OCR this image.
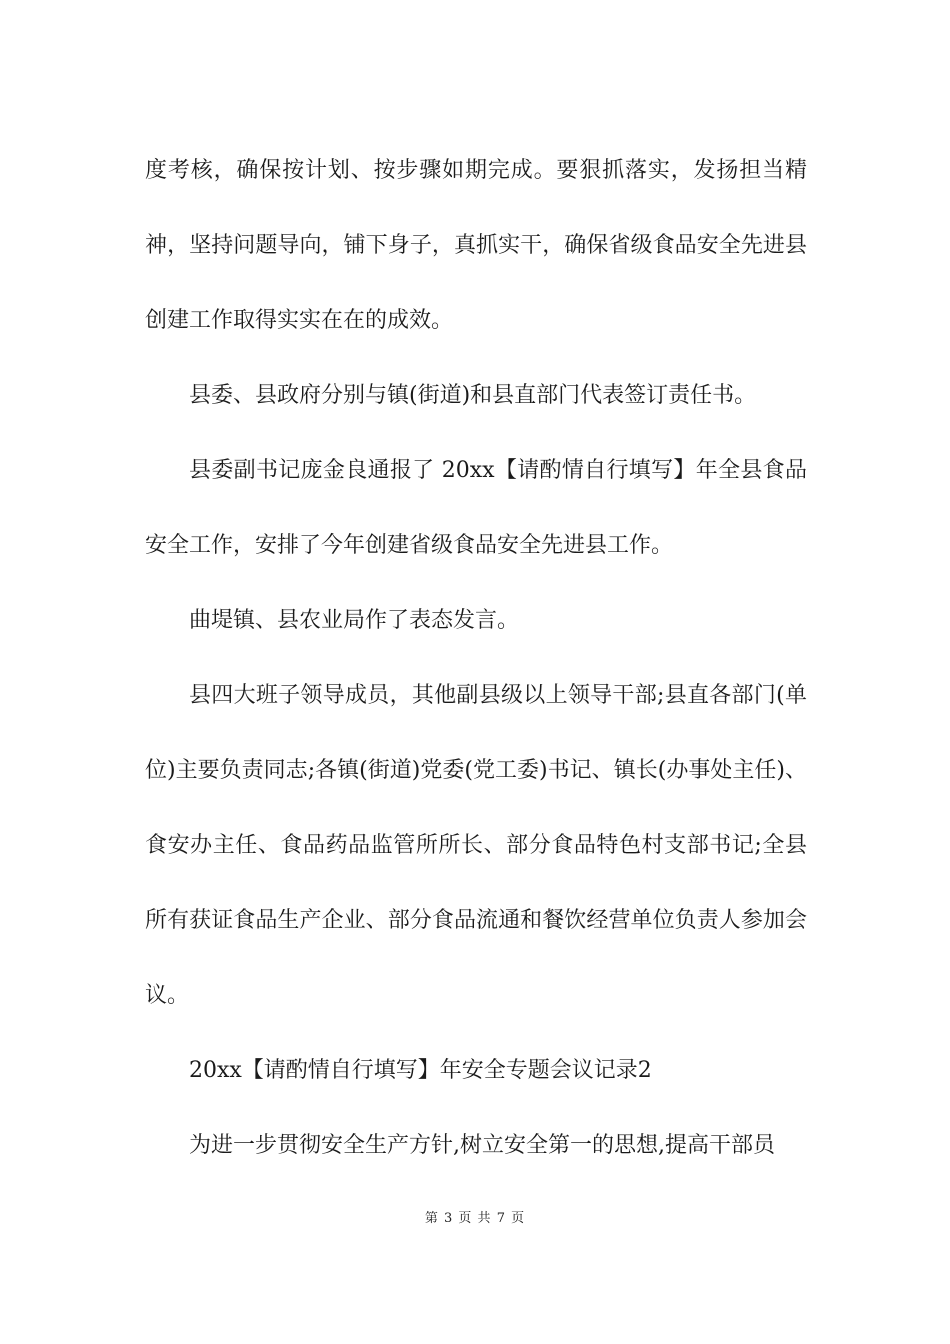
度考核，确保按计划、按步骤如期完成。要狠抓落实，发扬担当精神，坚持问题导向，铺下身子，真抓实干，确保省级食品安全先进县创建工作取得实实在在的成效。

县委、县政府分别与镇(街道)和县直部门代表签订责任书。

县委副书记庞金良通报了 20xx【请酌情自行填写】年全县食品安全工作，安排了今年创建省级食品安全先进县工作。

曲堤镇、县农业局作了表态发言。

县四大班子领导成员，其他副县级以上领导干部;县直各部门(单位)主要负责同志;各镇(街道)党委(党工委)书记、镇长(办事处主任)、食安办主任、食品药品监管所所长、部分食品特色村支部书记;全县所有获证食品生产企业、部分食品流通和餐饮经营单位负责人参加会议。

20xx【请酌情自行填写】年安全专题会议记录2

为进一步贯彻安全生产方针,树立安全第一的思想,提高干部员

第 3 页 共 7 页
